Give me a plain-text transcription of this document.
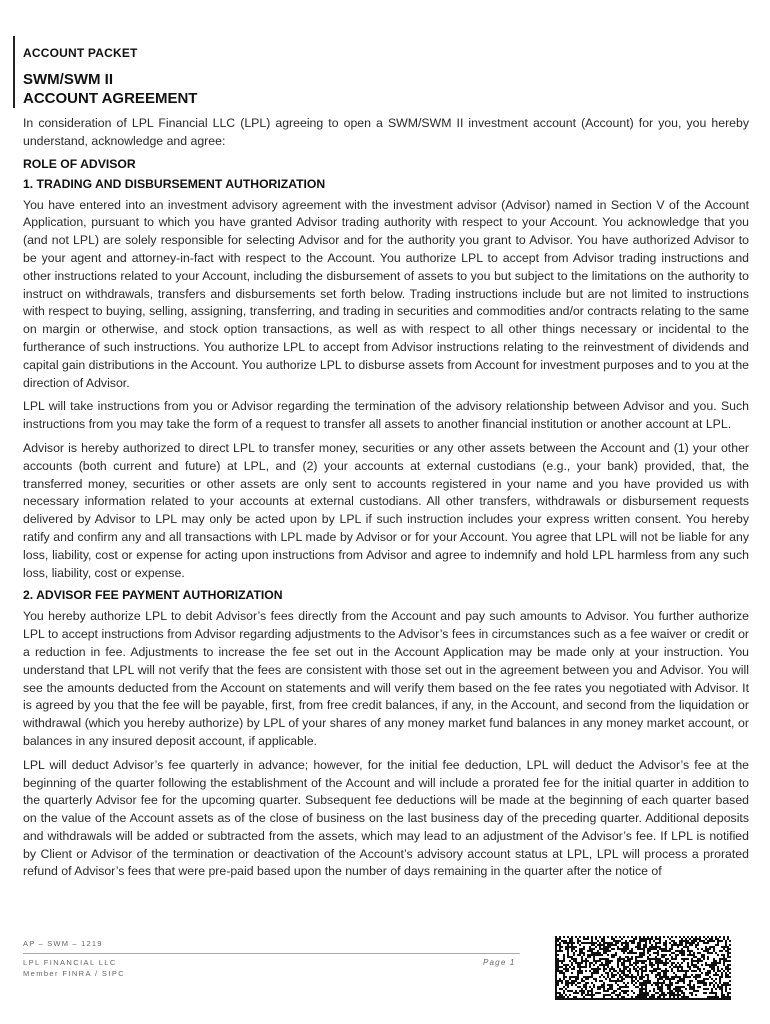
ACCOUNT PACKET
SWM/SWM II
ACCOUNT AGREEMENT

In consideration of LPL Financial LLC (LPL) agreeing to open a SWM/SWM II investment account (Account) for you, you hereby understand, acknowledge and agree:

ROLE OF ADVISOR
1. TRADING AND DISBURSEMENT AUTHORIZATION

You have entered into an investment advisory agreement with the investment advisor (Advisor) named in Section V of the Account Application, pursuant to which you have granted Advisor trading authority with respect to your Account. You acknowledge that you (and not LPL) are solely responsible for selecting Advisor and for the authority you grant to Advisor. You have authorized Advisor to be your agent and attorney-in-fact with respect to the Account. You authorize LPL to accept from Advisor trading instructions and other instructions related to your Account, including the disbursement of assets to you but subject to the limitations on the authority to instruct on withdrawals, transfers and disbursements set forth below. Trading instructions include but are not limited to instructions with respect to buying, selling, assigning, transferring, and trading in securities and commodities and/or contracts relating to the same on margin or otherwise, and stock option transactions, as well as with respect to all other things necessary or incidental to the furtherance of such instructions. You authorize LPL to accept from Advisor instructions relating to the reinvestment of dividends and capital gain distributions in the Account. You authorize LPL to disburse assets from Account for investment purposes and to you at the direction of Advisor.

LPL will take instructions from you or Advisor regarding the termination of the advisory relationship between Advisor and you. Such instructions from you may take the form of a request to transfer all assets to another financial institution or another account at LPL.

Advisor is hereby authorized to direct LPL to transfer money, securities or any other assets between the Account and (1) your other accounts (both current and future) at LPL, and (2) your accounts at external custodians (e.g., your bank) provided, that, the transferred money, securities or other assets are only sent to accounts registered in your name and you have provided us with necessary information related to your accounts at external custodians. All other transfers, withdrawals or disbursement requests delivered by Advisor to LPL may only be acted upon by LPL if such instruction includes your express written consent. You hereby ratify and confirm any and all transactions with LPL made by Advisor or for your Account. You agree that LPL will not be liable for any loss, liability, cost or expense for acting upon instructions from Advisor and agree to indemnify and hold LPL harmless from any such loss, liability, cost or expense.

2. ADVISOR FEE PAYMENT AUTHORIZATION

You hereby authorize LPL to debit Advisor’s fees directly from the Account and pay such amounts to Advisor. You further authorize LPL to accept instructions from Advisor regarding adjustments to the Advisor’s fees in circumstances such as a fee waiver or credit or a reduction in fee. Adjustments to increase the fee set out in the Account Application may be made only at your instruction. You understand that LPL will not verify that the fees are consistent with those set out in the agreement between you and Advisor. You will see the amounts deducted from the Account on statements and will verify them based on the fee rates you negotiated with Advisor. It is agreed by you that the fee will be payable, first, from free credit balances, if any, in the Account, and second from the liquidation or withdrawal (which you hereby authorize) by LPL of your shares of any money market fund balances in any money market account, or balances in any insured deposit account, if applicable.

LPL will deduct Advisor’s fee quarterly in advance; however, for the initial fee deduction, LPL will deduct the Advisor’s fee at the beginning of the quarter following the establishment of the Account and will include a prorated fee for the initial quarter in addition to the quarterly Advisor fee for the upcoming quarter. Subsequent fee deductions will be made at the beginning of each quarter based on the value of the Account assets as of the close of business on the last business day of the preceding quarter. Additional deposits and withdrawals will be added or subtracted from the assets, which may lead to an adjustment of the Advisor’s fee. If LPL is notified by Client or Advisor of the termination or deactivation of the Account’s advisory account status at LPL, LPL will process a prorated refund of Advisor’s fees that were pre-paid based upon the number of days remaining in the quarter after the notice of

AP – SWM – 1219
LPL FINANCIAL LLC
Member FINRA / SIPC
Page 1
